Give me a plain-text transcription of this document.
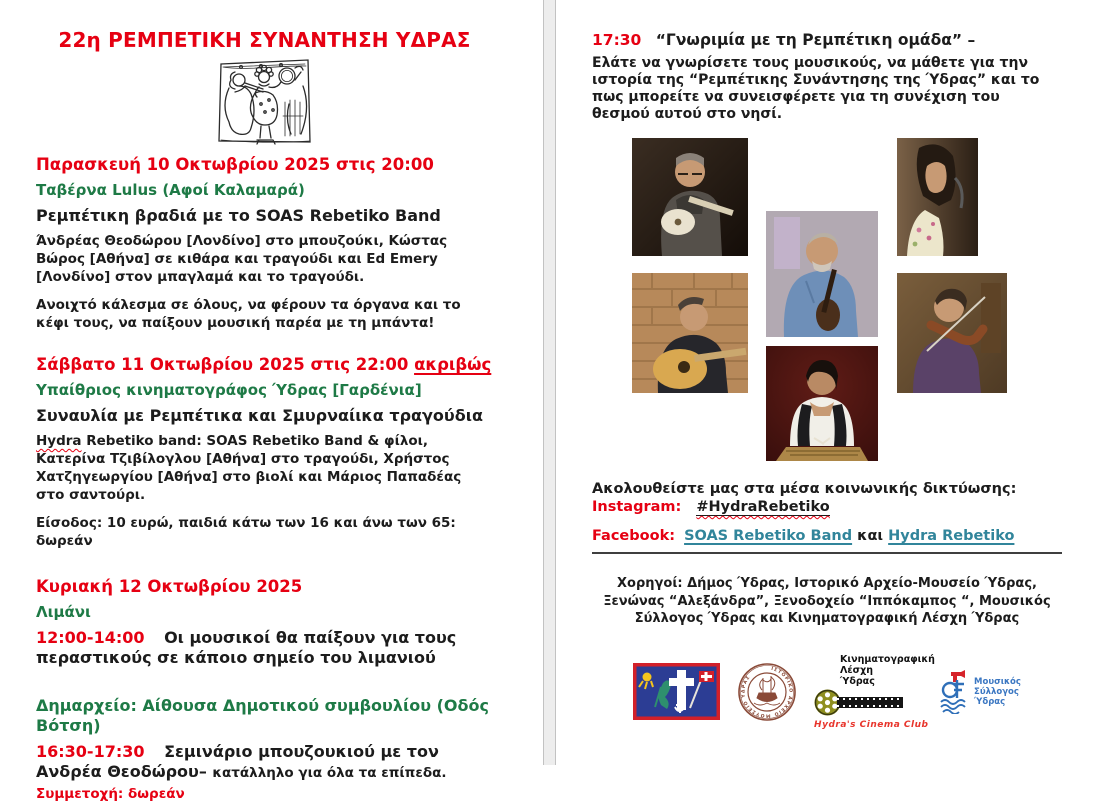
22η ΡΕΜΠΕΤΙΚΗ ΣΥΝΑΝΤΗΣΗ ΥΔΡΑΣ
Παρασκευή 10 Οκτωβρίου 2025 στις 20:00
Ταβέρνα Lulus (Αφοί Καλαμαρά)
Ρεμπέτικη βραδιά με το SOAS Rebetiko Band
Άνδρέας Θεοδώρου [Λονδίνο] στο μπουζούκι, Κώστας Βώρος [Αθήνα] σε κιθάρα και τραγούδι και Ed Emery [Λονδίνο] στον μπαγλαμά και το τραγούδι.
Ανοιχτό κάλεσμα σε όλους, να φέρουν τα όργανα και το κέφι τους, να παίξουν μουσική παρέα με τη μπάντα!
Σάββατο 11 Οκτωβρίου 2025 στις 22:00 ακριβώς
Υπαίθριος κινηματογράφος Ύδρας [Γαρδένια]
Συναυλία με Ρεμπέτικα και Σμυρναίικα τραγούδια
Hydra Rebetiko band: SOAS Rebetiko Band & φίλοι, Κατερίνα Τζιβίλογλου [Αθήνα] στο τραγούδι, Χρήστος Χατζηγεωργίου [Αθήνα] στο βιολί και Μάριος Παπαδέας στο σαντούρι.
Είσοδος: 10 ευρώ, παιδιά κάτω των 16 και άνω των 65: δωρεάν
Κυριακή 12 Οκτωβρίου 2025
Λιμάνι
12:00-14:00 Οι μουσικοί θα παίξουν για τους περαστικούς σε κάποιο σημείο του λιμανιού
Δημαρχείο: Αίθουσα Δημοτικού συμβουλίου (Οδός Βότση)
16:30-17:30 Σεμινάριο μπουζουκιού με τον Ανδρέα Θεοδώρου– κατάλληλο για όλα τα επίπεδα. Συμμετοχή: δωρεάν
17:30 “Γνωριμία με τη Ρεμπέτικη ομάδα” –
Ελάτε να γνωρίσετε τους μουσικούς, να μάθετε για την ιστορία της “Ρεμπέτικης Συνάντησης της Ύδρας” και το πως μπορείτε να συνεισφέρετε για τη συνέχιση του θεσμού αυτού στο νησί.
Ακολουθείστε μας στα μέσα κοινωνικής δικτύωσης:
Instagram: #HydraRebetiko
Facebook: SOAS Rebetiko Band και Hydra Rebetiko
Χορηγοί: Δήμος Ύδρας, Ιστορικό Αρχείο-Μουσείο Ύδρας,
Ξενώνας “Αλεξάνδρα”, Ξενοδοχείο “Ιππόκαμπος “, Μουσικός
Σύλλογος Ύδρας και Κινηματογραφική Λέσχη Ύδρας
ΙΣΤΟΡΙΚΟ ΑΡΧΕΙΟ ΜΟΥΣΕΙΟ ΥΔΡΑΣ
Κινηματογραφική
Λέσχη
Ύδρας
Hydra's Cinema Club
Μουσικός
Σύλλογος
Ύδρας
